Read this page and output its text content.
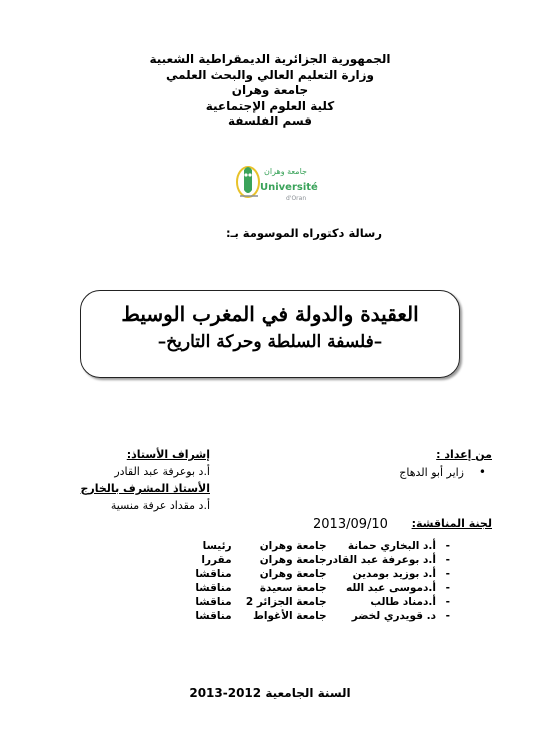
الجمهورية الجزائرية الديمقراطية الشعبية
وزارة التعليم العالي والبحث العلمي
جامعة وهران
كلية العلوم الإجتماعية
قسم الفلسفة
جامعة وهران
Université
d'Oran
رسالة دكتوراه الموسومة بـ:
العقيدة والدولة في المغرب الوسيط
–فلسفة السلطة وحركة التاريخ–
من إعداد :
•
زاير أبو الدهاج
إشراف الأستاذ:
أ.د بوعرفة عبد القادر
الأستاذ المشرف بالخارج
أ.د مقداد عرفة منسية
لجنة المناقشة:
2013/09/10
-	أ.د البخاري حمانة	جامعة وهران	رئيسا
-	أ.د بوعرفة عبد القادر	جامعة وهران	مقررا
-	أ.د بوزيد بومدين	جامعة وهران	مناقشا
-	أ.دموسى عبد الله	جامعة سعيدة	مناقشا
-	أ.دمناد طالب	جامعة الجزائر 2	مناقشا
-	د. قويدري لخضر	جامعة الأغواط	مناقشا
السنة الجامعية 2012-2013
